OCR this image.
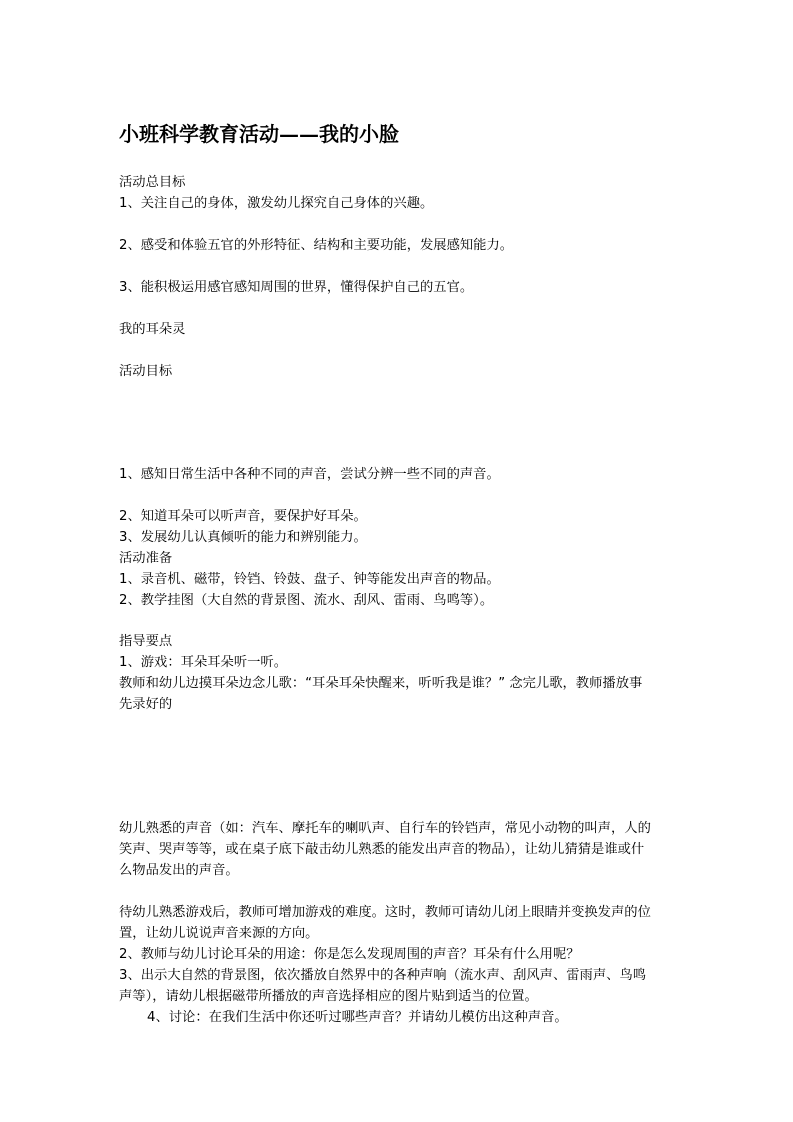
小班科学教育活动——我的小脸

活动总目标

1、关注自己的身体，激发幼儿探究自己身体的兴趣。

2、感受和体验五官的外形特征、结构和主要功能，发展感知能力。

3、能积极运用感官感知周围的世界，懂得保护自己的五官。

我的耳朵灵

活动目标

1、感知日常生活中各种不同的声音，尝试分辨一些不同的声音。

2、知道耳朵可以听声音，要保护好耳朵。

3、发展幼儿认真倾听的能力和辨别能力。

活动准备

1、录音机、磁带，铃铛、铃鼓、盘子、钟等能发出声音的物品。

2、教学挂图（大自然的背景图、流水、刮风、雷雨、鸟鸣等）。

指导要点

1、游戏：耳朵耳朵听一听。

教师和幼儿边摸耳朵边念儿歌：“耳朵耳朵快醒来，听听我是谁？” 念完儿歌，教师播放事

先录好的

幼儿熟悉的声音（如：汽车、摩托车的喇叭声、自行车的铃铛声，常见小动物的叫声，人的

笑声、哭声等等，或在桌子底下敲击幼儿熟悉的能发出声音的物品），让幼儿猜猜是谁或什

么物品发出的声音。

待幼儿熟悉游戏后，教师可增加游戏的难度。这时，教师可请幼儿闭上眼睛并变换发声的位

置，让幼儿说说声音来源的方向。

2、教师与幼儿讨论耳朵的用途：你是怎么发现周围的声音？耳朵有什么用呢？

3、出示大自然的背景图，依次播放自然界中的各种声响（流水声、刮风声、雷雨声、鸟鸣

声等），请幼儿根据磁带所播放的声音选择相应的图片贴到适当的位置。

4、讨论：在我们生活中你还听过哪些声音？并请幼儿模仿出这种声音。
